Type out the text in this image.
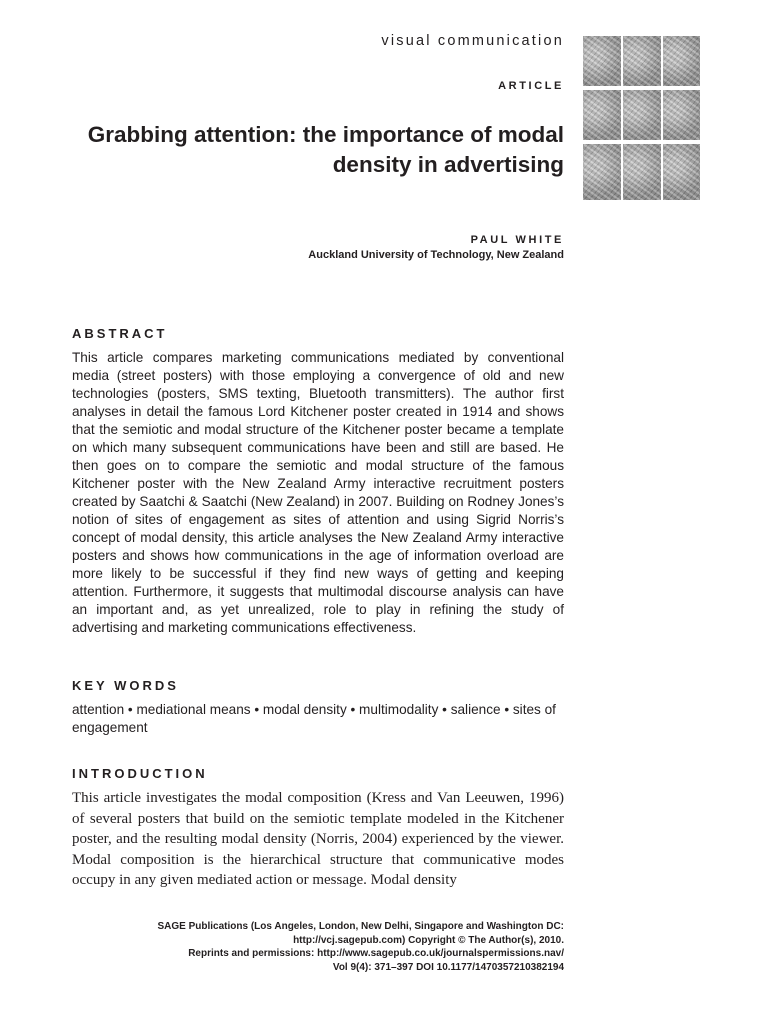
visual communication
ARTICLE
Grabbing attention: the importance of modal density in advertising
PAUL WHITE
Auckland University of Technology, New Zealand
ABSTRACT
This article compares marketing communications mediated by conventional media (street posters) with those employing a convergence of old and new technologies (posters, SMS texting, Bluetooth transmitters). The author first analyses in detail the famous Lord Kitchener poster created in 1914 and shows that the semiotic and modal structure of the Kitchener poster became a template on which many subsequent communications have been and still are based. He then goes on to compare the semiotic and modal structure of the famous Kitchener poster with the New Zealand Army interactive recruitment posters created by Saatchi & Saatchi (New Zealand) in 2007. Building on Rodney Jones’s notion of sites of engagement as sites of attention and using Sigrid Norris’s concept of modal density, this article analyses the New Zealand Army interactive posters and shows how communications in the age of information overload are more likely to be successful if they find new ways of getting and keeping attention. Furthermore, it suggests that multimodal discourse analysis can have an important and, as yet unrealized, role to play in refining the study of advertising and marketing communications effectiveness.
KEY WORDS
attention • mediational means • modal density • multimodality • salience • sites of engagement
INTRODUCTION
This article investigates the modal composition (Kress and Van Leeuwen, 1996) of several posters that build on the semiotic template modeled in the Kitchener poster, and the resulting modal density (Norris, 2004) experienced by the viewer. Modal composition is the hierarchical structure that communicative modes occupy in any given mediated action or message. Modal density
SAGE Publications (Los Angeles, London, New Delhi, Singapore and Washington DC:
http://vcj.sagepub.com) Copyright © The Author(s), 2010.
Reprints and permissions: http://www.sagepub.co.uk/journalspermissions.nav/
Vol 9(4): 371–397 DOI 10.1177/1470357210382194
